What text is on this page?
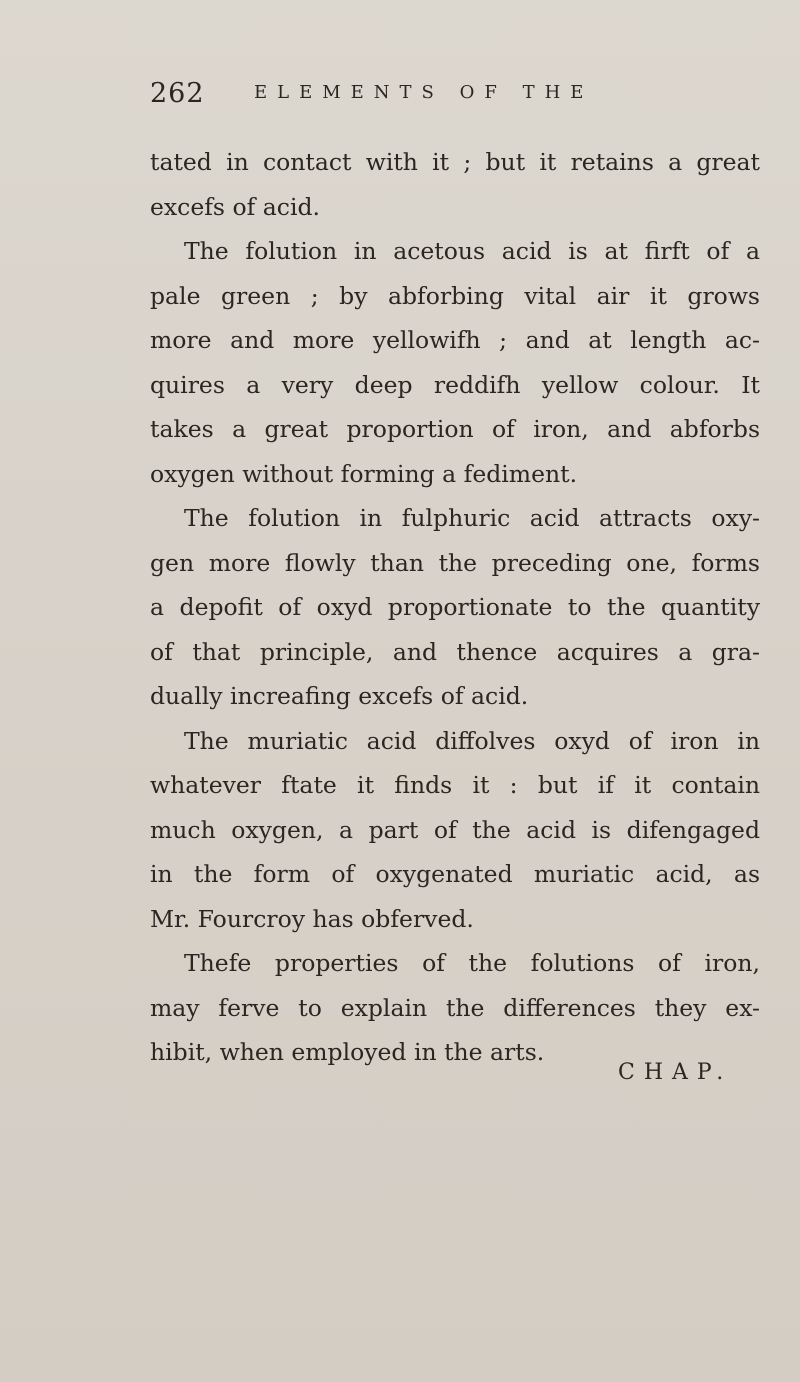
262	ELEMENTS OF THE
tated in contact with it ; but it retains a great
excefs of acid.
The folution in acetous acid is at firft of a
pale green ; by abforbing vital air it grows
more and more yellowifh ; and at length ac-
quires a very deep reddifh yellow colour. It
takes a great proportion of iron, and abforbs
oxygen without forming a fediment.
The folution in fulphuric acid attracts oxy-
gen more flowly than the preceding one, forms
a depofit of oxyd proportionate to the quantity
of that principle, and thence acquires a gra-
dually increafing excefs of acid.
The muriatic acid diffolves oxyd of iron in
whatever ftate it finds it : but if it contain
much oxygen, a part of the acid is difengaged
in the form of oxygenated muriatic acid, as
Mr. Fourcroy has obferved.
Thefe properties of the folutions of iron,
may ferve to explain the differences they ex-
hibit, when employed in the arts.
CHAP.
